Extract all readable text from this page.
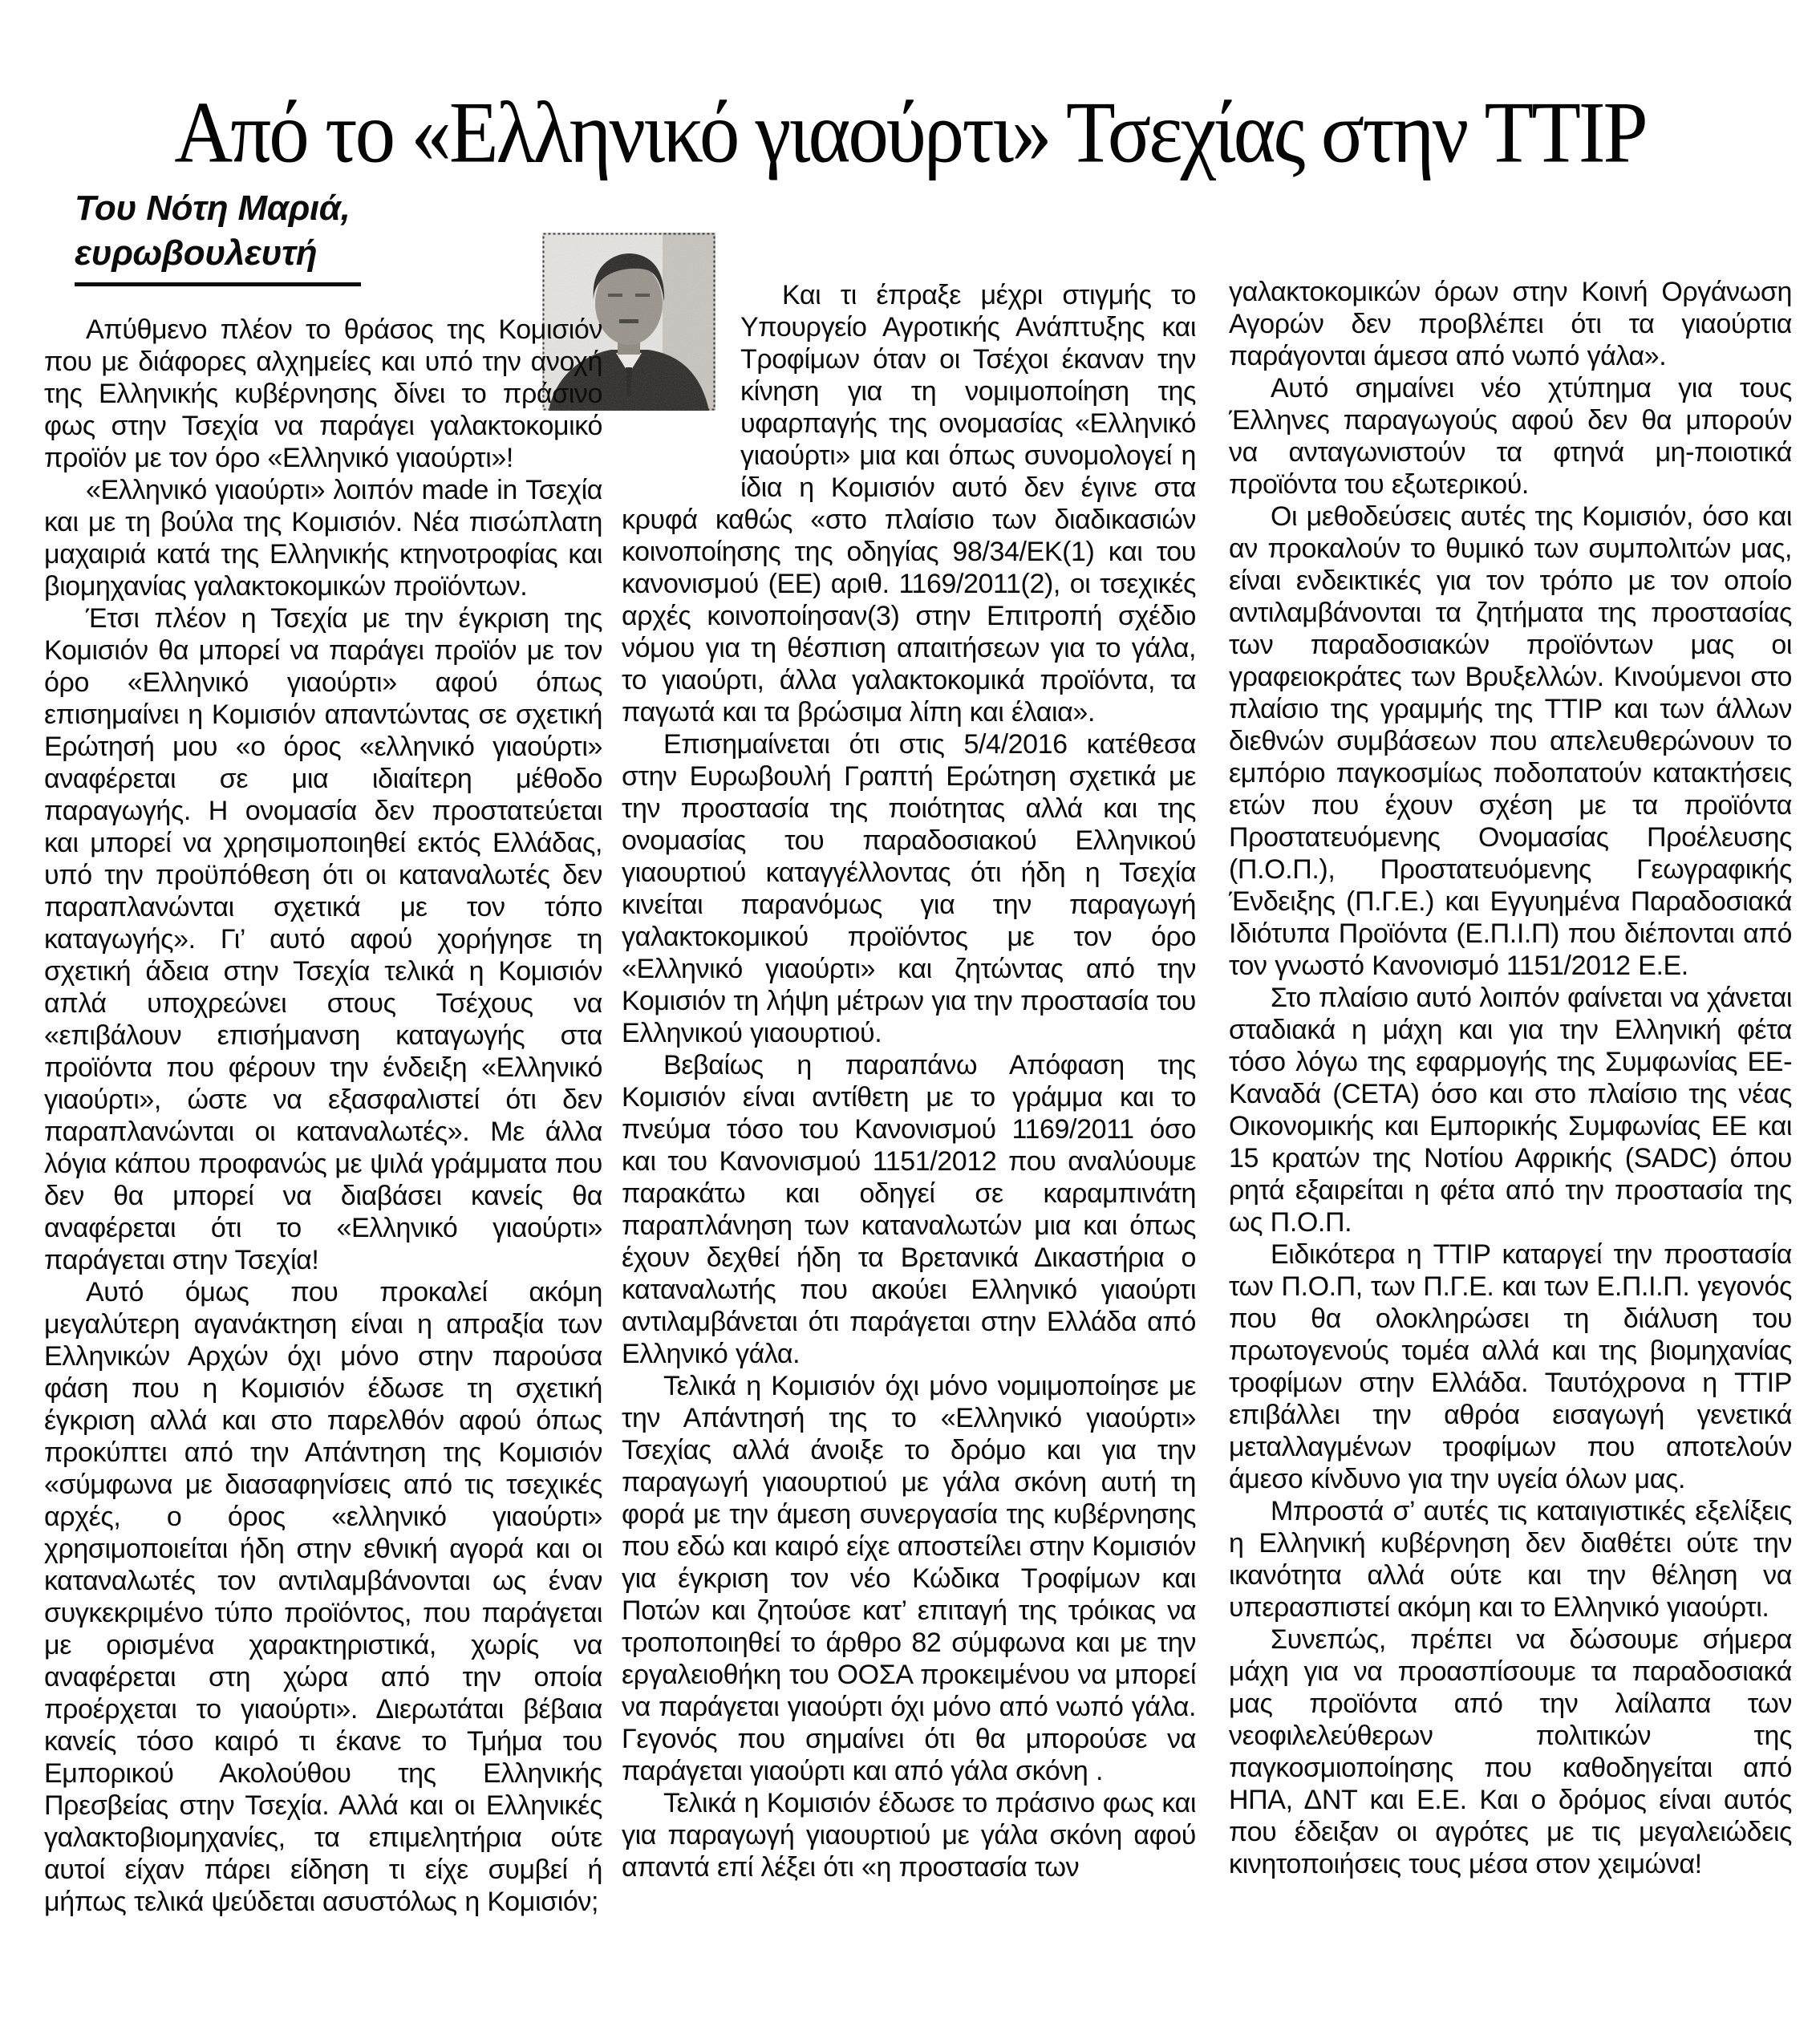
Από το «Ελληνικό γιαούρτι» Τσεχίας στην TTIP
Του Νότη Μαριά,
ευρωβουλευτή

Απύθμενο πλέον το θράσος της Κομισιόν που με διάφορες αλχημείες και υπό την ανοχή της Ελληνικής κυβέρνησης δίνει το πράσινο φως στην Τσεχία να παράγει γαλακτοκομικό προϊόν με τον όρο «Ελληνικό γιαούρτι»!

«Ελληνικό γιαούρτι» λοιπόν made in Τσεχία και με τη βούλα της Κομισιόν. Νέα πισώπλατη μαχαιριά κατά της Ελληνικής κτηνοτροφίας και βιομηχανίας γαλακτοκομικών προϊόντων.

Έτσι πλέον η Τσεχία με την έγκριση της Κομισιόν θα μπορεί να παράγει προϊόν με τον όρο «Ελληνικό γιαούρτι» αφού όπως επισημαίνει η Κομισιόν απαντώντας σε σχετική Ερώτησή μου «ο όρος «ελληνικό γιαούρτι» αναφέρεται σε μια ιδιαίτερη μέθοδο παραγωγής. Η ονομασία δεν προστατεύεται και μπορεί να χρησιμοποιηθεί εκτός Ελλάδας, υπό την προϋπόθεση ότι οι καταναλωτές δεν παραπλανώνται σχετικά με τον τόπο καταγωγής». Γι’ αυτό αφού χορήγησε τη σχετική άδεια στην Τσεχία τελικά η Κομισιόν απλά υποχρεώνει στους Τσέχους να «επιβάλουν επισήμανση καταγωγής στα προϊόντα που φέρουν την ένδειξη «Ελληνικό γιαούρτι», ώστε να εξασφαλιστεί ότι δεν παραπλανώνται οι καταναλωτές». Με άλλα λόγια κάπου προφανώς με ψιλά γράμματα που δεν θα μπορεί να διαβάσει κανείς θα αναφέρεται ότι το «Ελληνικό γιαούρτι» παράγεται στην Τσεχία!

Αυτό όμως που προκαλεί ακόμη μεγαλύτερη αγανάκτηση είναι η απραξία των Ελληνικών Αρχών όχι μόνο στην παρούσα φάση που η Κομισιόν έδωσε τη σχετική έγκριση αλλά και στο παρελθόν αφού όπως προκύπτει από την Απάντηση της Κομισιόν «σύμφωνα με διασαφηνίσεις από τις τσεχικές αρχές, ο όρος «ελληνικό γιαούρτι» χρησιμοποιείται ήδη στην εθνική αγορά και οι καταναλωτές τον αντιλαμβάνονται ως έναν συγκεκριμένο τύπο προϊόντος, που παράγεται με ορισμένα χαρακτηριστικά, χωρίς να αναφέρεται στη χώρα από την οποία προέρχεται το γιαούρτι». Διερωτάται βέβαια κανείς τόσο καιρό τι έκανε το Τμήμα του Εμπορικού Ακολούθου της Ελληνικής Πρεσβείας στην Τσεχία. Αλλά και οι Ελληνικές γαλακτοβιομηχανίες, τα επιμελητήρια ούτε αυτοί είχαν πάρει είδηση τι είχε συμβεί ή μήπως τελικά ψεύδεται ασυστόλως η Κομισιόν;

Και τι έπραξε μέχρι στιγμής το Υπουργείο Αγροτικής Ανάπτυξης και Τροφίμων όταν οι Τσέχοι έκαναν την κίνηση για τη νομιμοποίηση της υφαρπαγής της ονομασίας «Ελληνικό γιαούρτι» μια και όπως συνομολογεί η ίδια η Κομισιόν αυτό δεν έγινε στα κρυφά καθώς «στο πλαίσιο των διαδικασιών κοινοποίησης της οδηγίας 98/34/ΕΚ(1) και του κανονισμού (ΕΕ) αριθ. 1169/2011(2), οι τσεχικές αρχές κοινοποίησαν(3) στην Επιτροπή σχέδιο νόμου για τη θέσπιση απαιτήσεων για το γάλα, το γιαούρτι, άλλα γαλακτοκομικά προϊόντα, τα παγωτά και τα βρώσιμα λίπη και έλαια».

Επισημαίνεται ότι στις 5/4/2016 κατέθεσα στην Ευρωβουλή Γραπτή Ερώτηση σχετικά με την προστασία της ποιότητας αλλά και της ονομασίας του παραδοσιακού Ελληνικού γιαουρτιού καταγγέλλοντας ότι ήδη η Τσεχία κινείται παρανόμως για την παραγωγή γαλακτοκομικού προϊόντος με τον όρο «Ελληνικό γιαούρτι» και ζητώντας από την Κομισιόν τη λήψη μέτρων για την προστασία του Ελληνικού γιαουρτιού.

Βεβαίως η παραπάνω Απόφαση της Κομισιόν είναι αντίθετη με το γράμμα και το πνεύμα τόσο του Κανονισμού 1169/2011 όσο και του Κανονισμού 1151/2012 που αναλύουμε παρακάτω και οδηγεί σε καραμπινάτη παραπλάνηση των καταναλωτών μια και όπως έχουν δεχθεί ήδη τα Βρετανικά Δικαστήρια ο καταναλωτής που ακούει Ελληνικό γιαούρτι αντιλαμβάνεται ότι παράγεται στην Ελλάδα από Ελληνικό γάλα.

Τελικά η Κομισιόν όχι μόνο νομιμοποίησε με την Απάντησή της το «Ελληνικό γιαούρτι» Τσεχίας αλλά άνοιξε το δρόμο και για την παραγωγή γιαουρτιού με γάλα σκόνη αυτή τη φορά με την άμεση συνεργασία της κυβέρνησης που εδώ και καιρό είχε αποστείλει στην Κομισιόν για έγκριση τον νέο Κώδικα Τροφίμων και Ποτών και ζητούσε κατ’ επιταγή της τρόικας να τροποποιηθεί το άρθρο 82 σύμφωνα και με την εργαλειοθήκη του ΟΟΣΑ προκειμένου να μπορεί να παράγεται γιαούρτι όχι μόνο από νωπό γάλα. Γεγονός που σημαίνει ότι θα μπορούσε να παράγεται γιαούρτι και από γάλα σκόνη .

Τελικά η Κομισιόν έδωσε το πράσινο φως και για παραγωγή γιαουρτιού με γάλα σκόνη αφού απαντά επί λέξει ότι «η προστασία των

γαλακτοκομικών όρων στην Κοινή Οργάνωση Αγορών δεν προβλέπει ότι τα γιαούρτια παράγονται άμεσα από νωπό γάλα».

Αυτό σημαίνει νέο χτύπημα για τους Έλληνες παραγωγούς αφού δεν θα μπορούν να ανταγωνιστούν τα φτηνά μη-ποιοτικά προϊόντα του εξωτερικού.

Οι μεθοδεύσεις αυτές της Κομισιόν, όσο και αν προκαλούν το θυμικό των συμπολιτών μας, είναι ενδεικτικές για τον τρόπο με τον οποίο αντιλαμβάνονται τα ζητήματα της προστασίας των παραδοσιακών προϊόντων μας οι γραφειοκράτες των Βρυξελλών. Κινούμενοι στο πλαίσιο της γραμμής της TTIP και των άλλων διεθνών συμβάσεων που απελευθερώνουν το εμπόριο παγκοσμίως ποδοπατούν κατακτήσεις ετών που έχουν σχέση με τα προϊόντα Προστατευόμενης Ονομασίας Προέλευσης (Π.Ο.Π.), Προστατευόμενης Γεωγραφικής Ένδειξης (Π.Γ.Ε.) και Εγγυημένα Παραδοσιακά Ιδιότυπα Προϊόντα (Ε.Π.Ι.Π) που διέπονται από τον γνωστό Κανονισμό 1151/2012 Ε.Ε.

Στο πλαίσιο αυτό λοιπόν φαίνεται να χάνεται σταδιακά η μάχη και για την Ελληνική φέτα τόσο λόγω της εφαρμογής της Συμφωνίας ΕΕ-Καναδά (CETA) όσο και στο πλαίσιο της νέας Οικονομικής και Εμπορικής Συμφωνίας ΕΕ και 15 κρατών της Νοτίου Αφρικής (SADC) όπου ρητά εξαιρείται η φέτα από την προστασία της ως Π.Ο.Π.

Ειδικότερα η TTIP καταργεί την προστασία των Π.Ο.Π, των Π.Γ.Ε. και των Ε.Π.Ι.Π. γεγονός που θα ολοκληρώσει τη διάλυση του πρωτογενούς τομέα αλλά και της βιομηχανίας τροφίμων στην Ελλάδα. Ταυτόχρονα η TTIP επιβάλλει την αθρόα εισαγωγή γενετικά μεταλλαγμένων τροφίμων που αποτελούν άμεσο κίνδυνο για την υγεία όλων μας.

Μπροστά σ’ αυτές τις καταιγιστικές εξελίξεις η Ελληνική κυβέρνηση δεν διαθέτει ούτε την ικανότητα αλλά ούτε και την θέληση να υπερασπιστεί ακόμη και το Ελληνικό γιαούρτι.

Συνεπώς, πρέπει να δώσουμε σήμερα μάχη για να προασπίσουμε τα παραδοσιακά μας προϊόντα από την λαίλαπα των νεοφιλελεύθερων πολιτικών της παγκοσμιοποίησης που καθοδηγείται από ΗΠΑ, ΔΝΤ και Ε.Ε. Και ο δρόμος είναι αυτός που έδειξαν οι αγρότες με τις μεγαλειώδεις κινητοποιήσεις τους μέσα στον χειμώνα!
